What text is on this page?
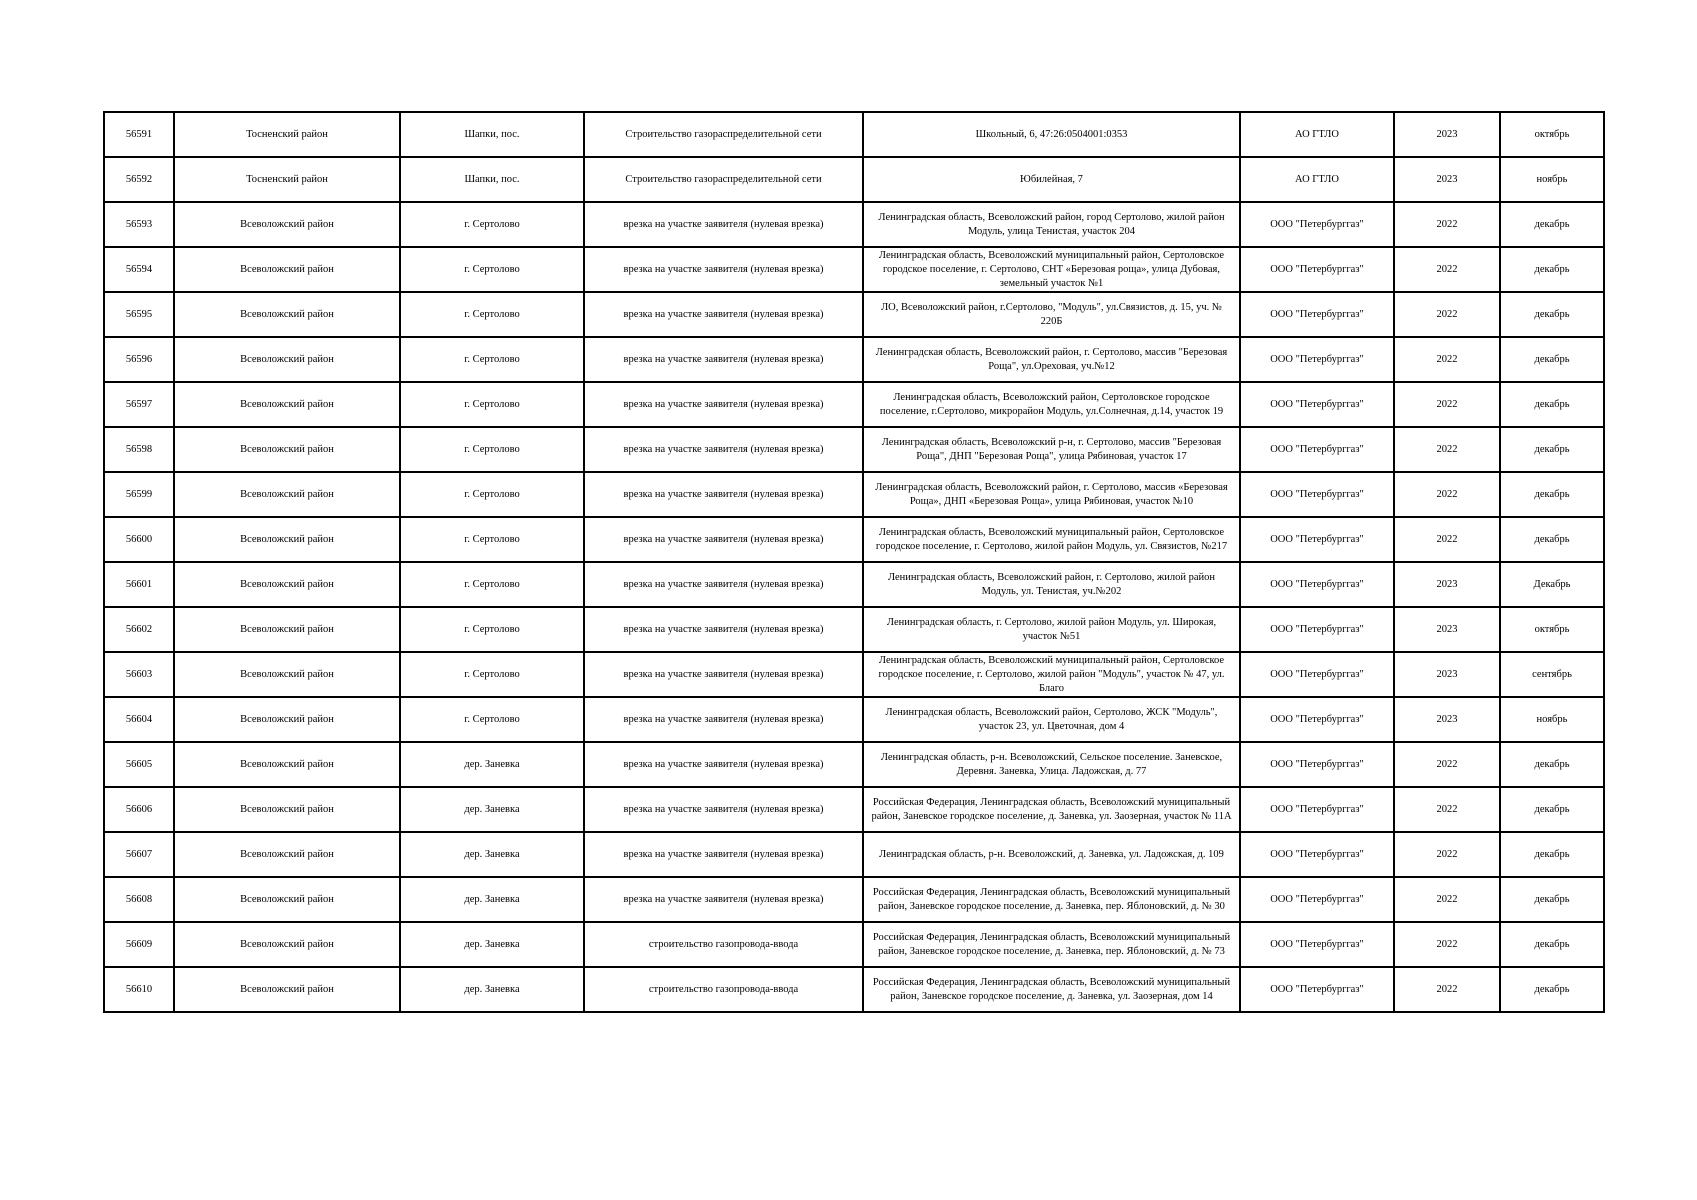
56591	Тосненский район	Шапки, пос.	Строительство газораспределительной сети	Школьный, 6, 47:26:0504001:0353	АО ГТЛО	2023	октябрь
56592	Тосненский район	Шапки, пос.	Строительство газораспределительной сети	Юбилейная, 7	АО ГТЛО	2023	ноябрь
56593	Всеволожский район	г. Сертолово	врезка на участке заявителя (нулевая врезка)	Ленинградская область, Всеволожский район, город Сертолово, жилой район Модуль, улица Тенистая, участок 204	ООО "Петербурггаз"	2022	декабрь
56594	Всеволожский район	г. Сертолово	врезка на участке заявителя (нулевая врезка)	Ленинградская область, Всеволожский муниципальный район, Сертоловское городское поселение, г. Сертолово, СНТ «Березовая роща», улица Дубовая, земельный участок №1	ООО "Петербурггаз"	2022	декабрь
56595	Всеволожский район	г. Сертолово	врезка на участке заявителя (нулевая врезка)	ЛО, Всеволожский район, г.Сертолово, "Модуль", ул.Связистов, д. 15, уч. № 220Б	ООО "Петербурггаз"	2022	декабрь
56596	Всеволожский район	г. Сертолово	врезка на участке заявителя (нулевая врезка)	Ленинградская область, Всеволожский район, г. Сертолово, массив "Березовая Роща", ул.Ореховая, уч.№12	ООО "Петербурггаз"	2022	декабрь
56597	Всеволожский район	г. Сертолово	врезка на участке заявителя (нулевая врезка)	Ленинградская область, Всеволожский район, Сертоловское городское поселение, г.Сертолово, микрорайон Модуль, ул.Солнечная, д.14, участок 19	ООО "Петербурггаз"	2022	декабрь
56598	Всеволожский район	г. Сертолово	врезка на участке заявителя (нулевая врезка)	Ленинградская область, Всеволожский р-н, г. Сертолово, массив "Березовая Роща", ДНП "Березовая Роща", улица Рябиновая, участок 17	ООО "Петербурггаз"	2022	декабрь
56599	Всеволожский район	г. Сертолово	врезка на участке заявителя (нулевая врезка)	Ленинградская область, Всеволожский район, г. Сертолово, массив «Березовая Роща», ДНП «Березовая Роща», улица Рябиновая, участок №10	ООО "Петербурггаз"	2022	декабрь
56600	Всеволожский район	г. Сертолово	врезка на участке заявителя (нулевая врезка)	Ленинградская область, Всеволожский муниципальный район, Сертоловское городское поселение, г. Сертолово, жилой район Модуль, ул. Связистов, №217	ООО "Петербурггаз"	2022	декабрь
56601	Всеволожский район	г. Сертолово	врезка на участке заявителя (нулевая врезка)	Ленинградская область, Всеволожский район, г. Сертолово, жилой район Модуль, ул. Тенистая, уч.№202	ООО "Петербурггаз"	2023	Декабрь
56602	Всеволожский район	г. Сертолово	врезка на участке заявителя (нулевая врезка)	Ленинградская область, г. Сертолово, жилой район Модуль, ул. Широкая, участок №51	ООО "Петербурггаз"	2023	октябрь
56603	Всеволожский район	г. Сертолово	врезка на участке заявителя (нулевая врезка)	Ленинградская область, Всеволожский муниципальный район, Сертоловское городское поселение, г. Сертолово, жилой район "Модуль", участок № 47, ул. Благо	ООО "Петербурггаз"	2023	сентябрь
56604	Всеволожский район	г. Сертолово	врезка на участке заявителя (нулевая врезка)	Ленинградская область, Всеволожский район, Сертолово, ЖСК "Модуль", участок 23, ул. Цветочная, дом 4	ООО "Петербурггаз"	2023	ноябрь
56605	Всеволожский район	дер. Заневка	врезка на участке заявителя (нулевая врезка)	Ленинградская область, р-н. Всеволожский, Сельское поселение. Заневское, Деревня. Заневка, Улица. Ладожская, д. 77	ООО "Петербурггаз"	2022	декабрь
56606	Всеволожский район	дер. Заневка	врезка на участке заявителя (нулевая врезка)	Российская Федерация, Ленинградская область, Всеволожский муниципальный район, Заневское городское поселение, д. Заневка, ул. Заозерная, участок № 11А	ООО "Петербурггаз"	2022	декабрь
56607	Всеволожский район	дер. Заневка	врезка на участке заявителя (нулевая врезка)	Ленинградская область, р-н. Всеволожский, д. Заневка, ул. Ладожская, д. 109	ООО "Петербурггаз"	2022	декабрь
56608	Всеволожский район	дер. Заневка	врезка на участке заявителя (нулевая врезка)	Российская Федерация, Ленинградская область, Всеволожский муниципальный район, Заневское городское поселение, д. Заневка, пер. Яблоновский, д. № 30	ООО "Петербурггаз"	2022	декабрь
56609	Всеволожский район	дер. Заневка	строительство газопровода-ввода	Российская Федерация, Ленинградская область, Всеволожский муниципальный район, Заневское городское поселение, д. Заневка, пер. Яблоновский, д. № 73	ООО "Петербурггаз"	2022	декабрь
56610	Всеволожский район	дер. Заневка	строительство газопровода-ввода	Российская Федерация, Ленинградская область, Всеволожский муниципальный район, Заневское городское поселение, д. Заневка, ул. Заозерная, дом 14	ООО "Петербурггаз"	2022	декабрь
